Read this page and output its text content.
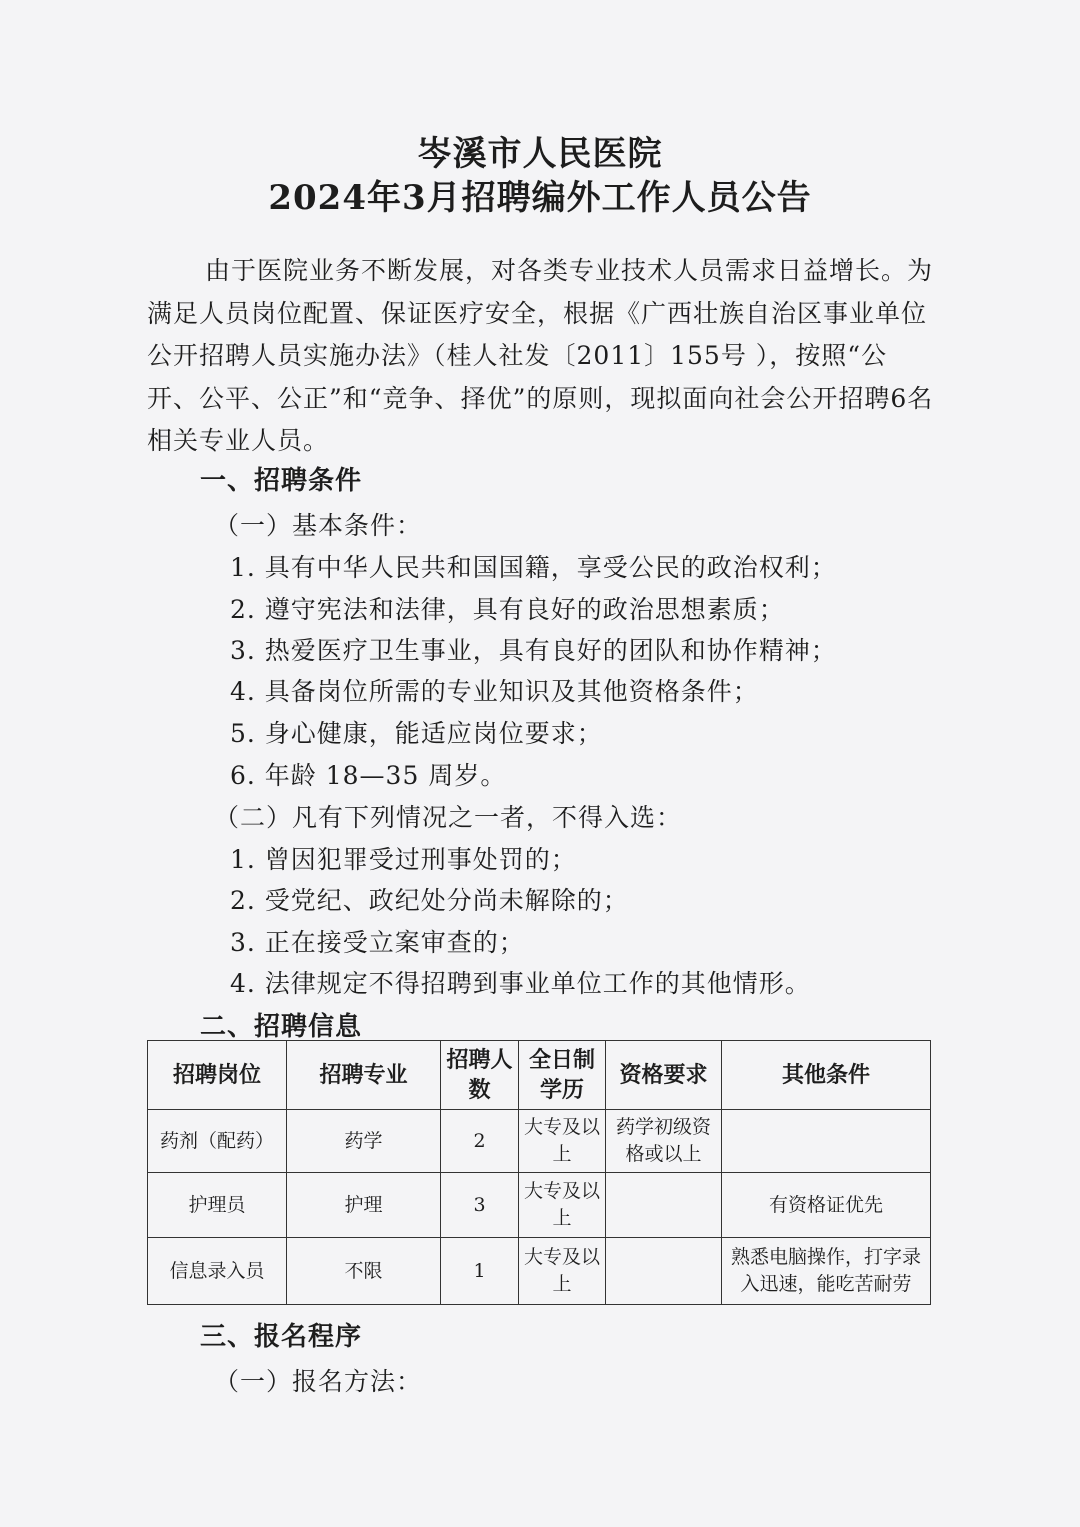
岑溪市人民医院
2024年3月招聘编外工作人员公告
由于医院业务不断发展，对各类专业技术人员需求日益增长。为满足人员岗位配置、保证医疗安全，根据《广西壮族自治区事业单位公开招聘人员实施办法》（桂人社发〔2011〕155号 ），按照“公开、公平、公正”和“竞争、择优”的原则，现拟面向社会公开招聘6名相关专业人员。
一、招聘条件
（一）基本条件：
1. 具有中华人民共和国国籍，享受公民的政治权利；
2. 遵守宪法和法律，具有良好的政治思想素质；
3. 热爱医疗卫生事业，具有良好的团队和协作精神；
4. 具备岗位所需的专业知识及其他资格条件；
5. 身心健康，能适应岗位要求；
6. 年龄 18—35 周岁。
（二）凡有下列情况之一者，不得入选：
1. 曾因犯罪受过刑事处罚的；
2. 受党纪、政纪处分尚未解除的；
3. 正在接受立案审查的；
4. 法律规定不得招聘到事业单位工作的其他情形。
二、招聘信息
招聘岗位	招聘专业	招聘人数	全日制学历	资格要求	其他条件
药剂（配药）	药学	2	大专及以上	药学初级资格或以上	
护理员	护理	3	大专及以上		有资格证优先
信息录入员	不限	1	大专及以上		熟悉电脑操作，打字录入迅速，能吃苦耐劳
三、报名程序
（一）报名方法：
